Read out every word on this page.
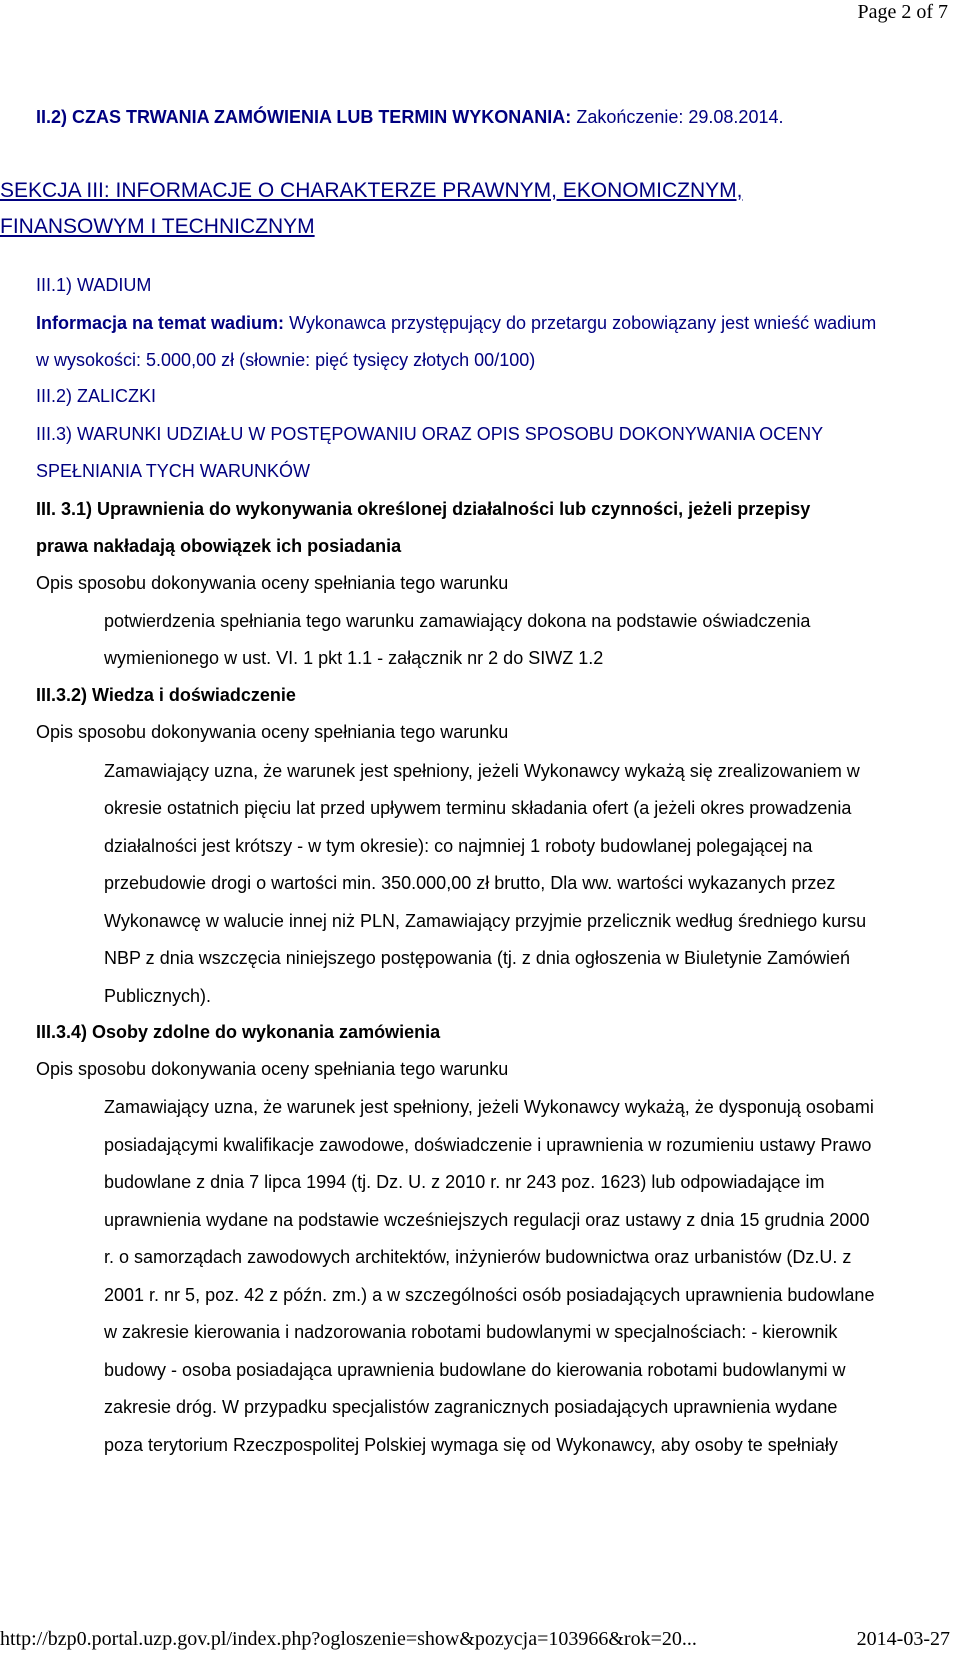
Page 2 of 7
II.2) CZAS TRWANIA ZAMÓWIENIA LUB TERMIN WYKONANIA: Zakończenie: 29.08.2014.
SEKCJA III: INFORMACJE O CHARAKTERZE PRAWNYM, EKONOMICZNYM,
FINANSOWYM I TECHNICZNYM
III.1) WADIUM
Informacja na temat wadium: Wykonawca przystępujący do przetargu zobowiązany jest wnieść wadium
w wysokości: 5.000,00 zł (słownie: pięć tysięcy złotych 00/100)
III.2) ZALICZKI
III.3) WARUNKI UDZIAŁU W POSTĘPOWANIU ORAZ OPIS SPOSOBU DOKONYWANIA OCENY
SPEŁNIANIA TYCH WARUNKÓW
III. 3.1) Uprawnienia do wykonywania określonej działalności lub czynności, jeżeli przepisy
prawa nakładają obowiązek ich posiadania
Opis sposobu dokonywania oceny spełniania tego warunku
potwierdzenia spełniania tego warunku zamawiający dokona na podstawie oświadczenia
wymienionego w ust. VI. 1 pkt 1.1 - załącznik nr 2 do SIWZ 1.2
III.3.2) Wiedza i doświadczenie
Opis sposobu dokonywania oceny spełniania tego warunku
Zamawiający uzna, że warunek jest spełniony, jeżeli Wykonawcy wykażą się zrealizowaniem w
okresie ostatnich pięciu lat przed upływem terminu składania ofert (a jeżeli okres prowadzenia
działalności jest krótszy - w tym okresie): co najmniej 1 roboty budowlanej polegającej na
przebudowie drogi o wartości min. 350.000,00 zł brutto, Dla ww. wartości wykazanych przez
Wykonawcę w walucie innej niż PLN, Zamawiający przyjmie przelicznik według średniego kursu
NBP z dnia wszczęcia niniejszego postępowania (tj. z dnia ogłoszenia w Biuletynie Zamówień
Publicznych).
III.3.4) Osoby zdolne do wykonania zamówienia
Opis sposobu dokonywania oceny spełniania tego warunku
Zamawiający uzna, że warunek jest spełniony, jeżeli Wykonawcy wykażą, że dysponują osobami
posiadającymi kwalifikacje zawodowe, doświadczenie i uprawnienia w rozumieniu ustawy Prawo
budowlane z dnia 7 lipca 1994 (tj. Dz. U. z 2010 r. nr 243 poz. 1623) lub odpowiadające im
uprawnienia wydane na podstawie wcześniejszych regulacji oraz ustawy z dnia 15 grudnia 2000
r. o samorządach zawodowych architektów, inżynierów budownictwa oraz urbanistów (Dz.U. z
2001 r. nr 5, poz. 42 z późn. zm.) a w szczególności osób posiadających uprawnienia budowlane
w zakresie kierowania i nadzorowania robotami budowlanymi w specjalnościach: - kierownik
budowy - osoba posiadająca uprawnienia budowlane do kierowania robotami budowlanymi w
zakresie dróg. W przypadku specjalistów zagranicznych posiadających uprawnienia wydane
poza terytorium Rzeczpospolitej Polskiej wymaga się od Wykonawcy, aby osoby te spełniały
http://bzp0.portal.uzp.gov.pl/index.php?ogloszenie=show&pozycja=103966&rok=20...	2014-03-27
